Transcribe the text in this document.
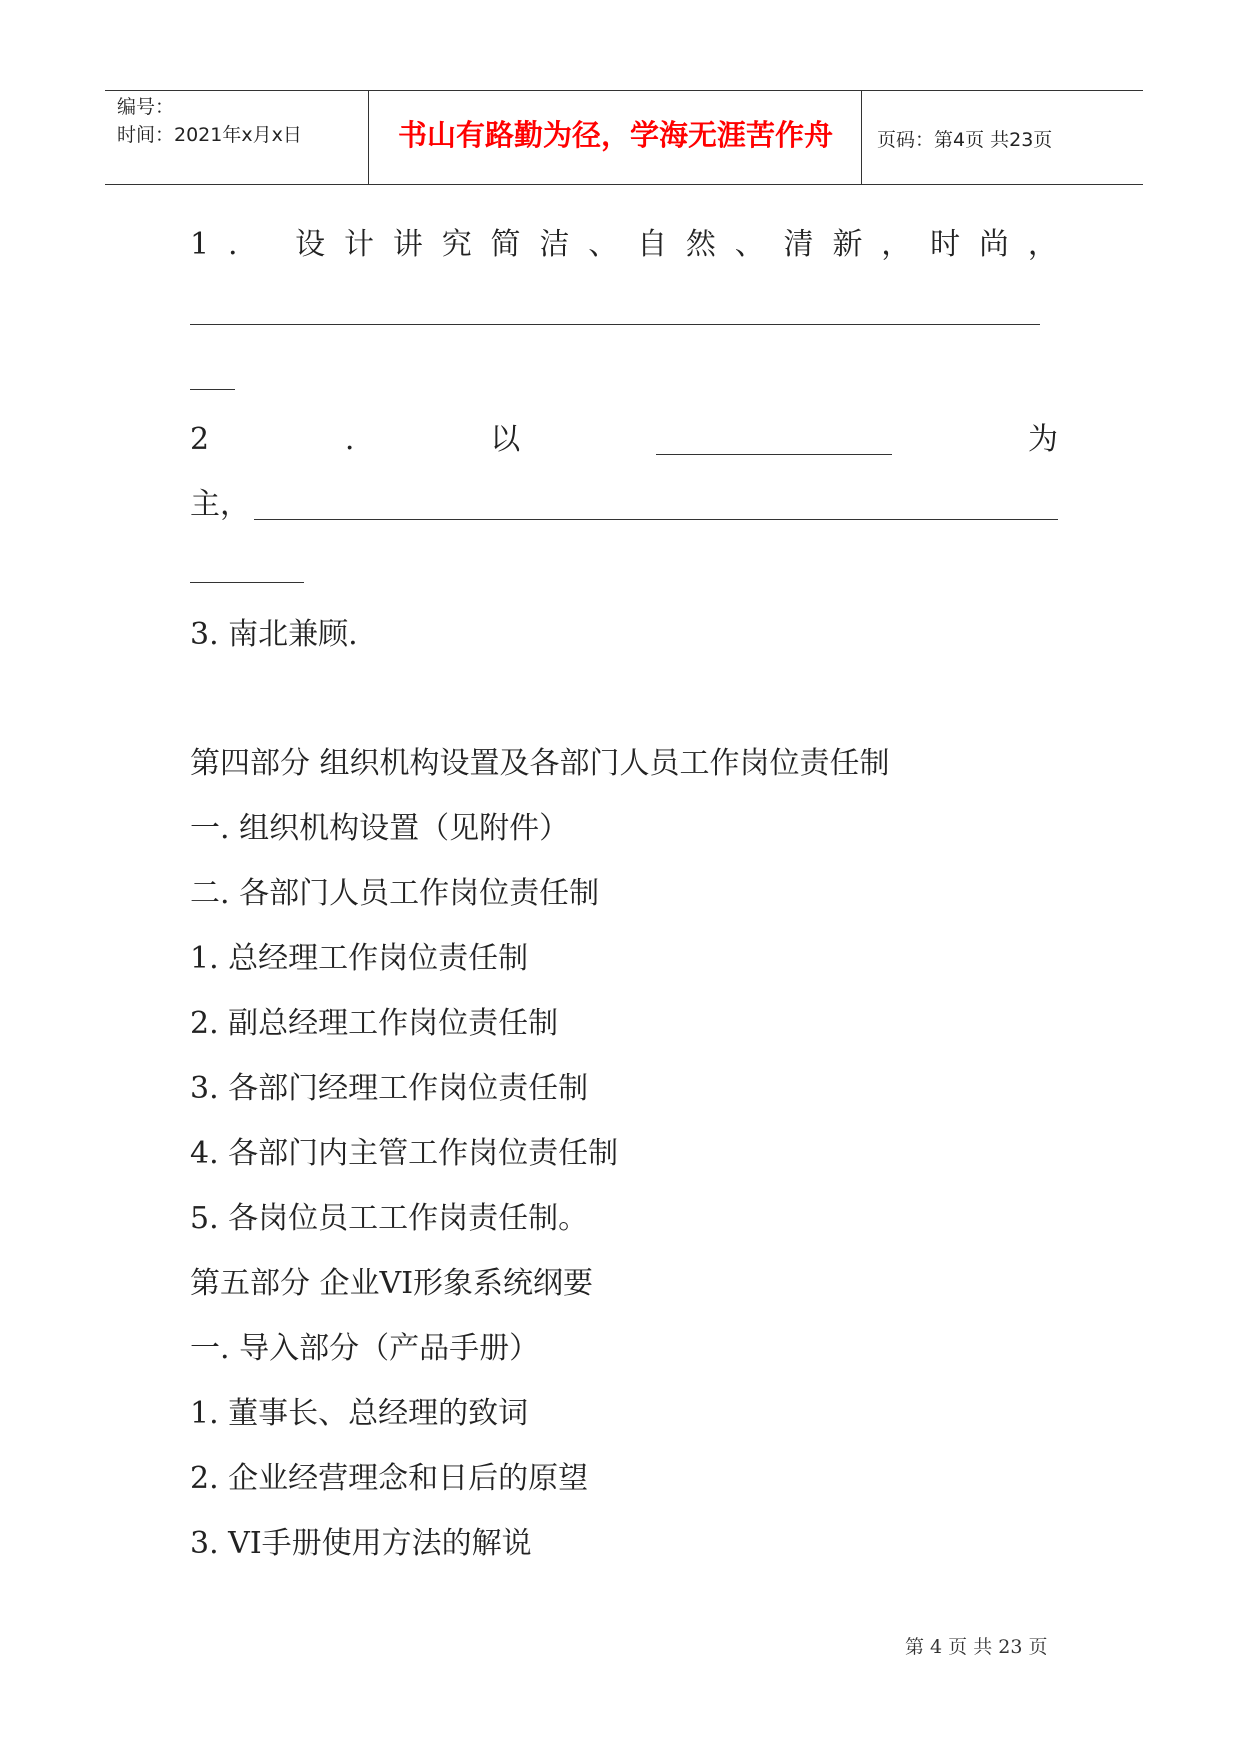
编号：
时间：2021年x月x日	书山有路勤为径，学海无涯苦作舟	页码：第4页 共23页
1 . 设 计 讲 究 简 洁 、 自 然 、 清 新 ， 时 尚 ，
2	.	以	为
主，
3. 南北兼顾.
第四部分 组织机构设置及各部门人员工作岗位责任制
一. 组织机构设置（见附件）
二. 各部门人员工作岗位责任制
1. 总经理工作岗位责任制
2. 副总经理工作岗位责任制
3. 各部门经理工作岗位责任制
4. 各部门内主管工作岗位责任制
5. 各岗位员工工作岗责任制。
第五部分 企业VI形象系统纲要
一. 导入部分（产品手册）
1. 董事长、总经理的致词
2. 企业经营理念和日后的原望
3. VI手册使用方法的解说
第 4 页 共 23 页
